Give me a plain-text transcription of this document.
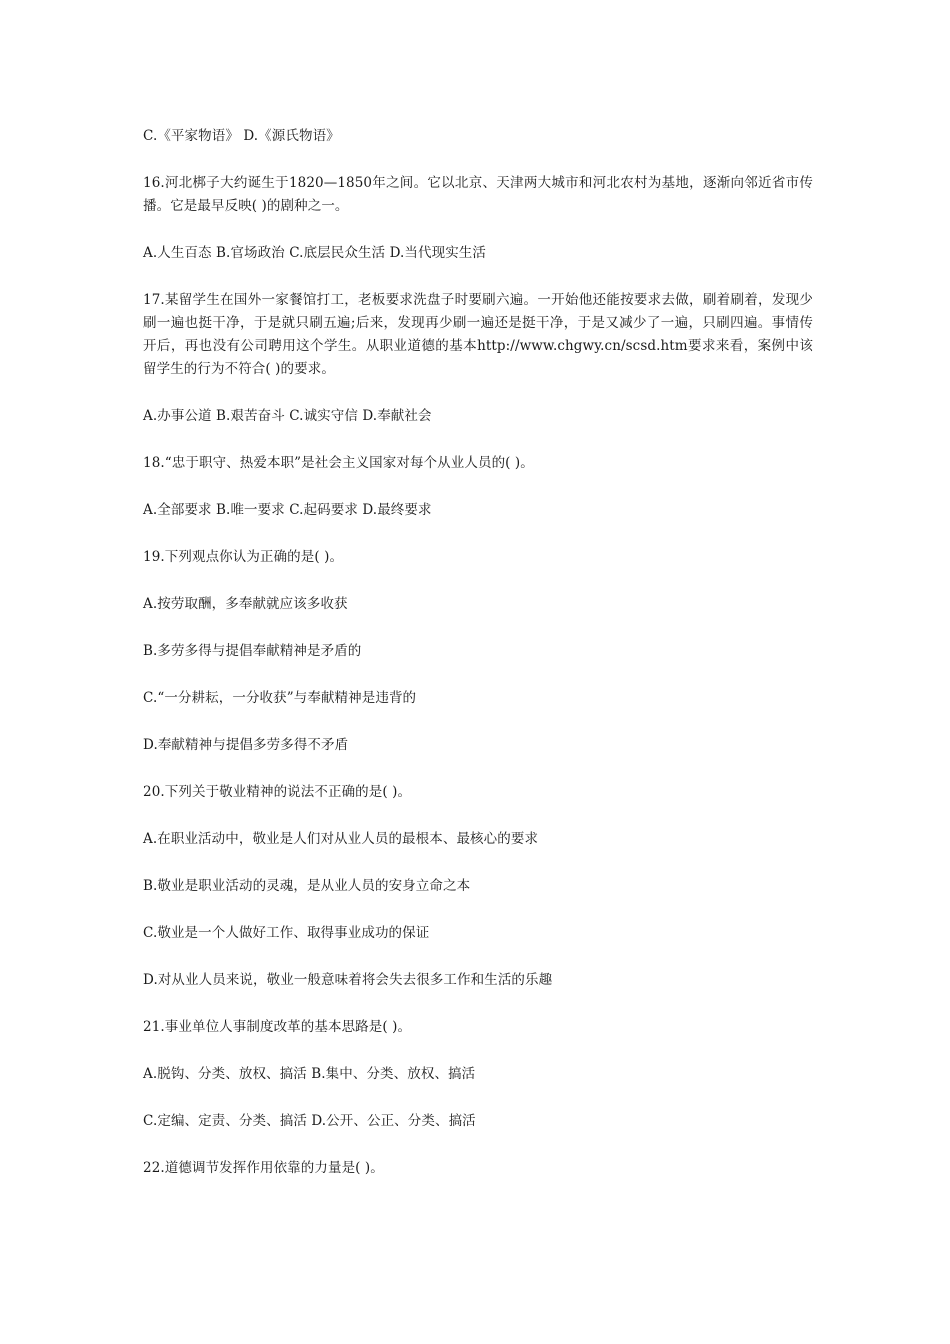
C.《平家物语》 D.《源氏物语》

16.河北梆子大约诞生于1820—1850年之间。它以北京、天津两大城市和河北农村为基地，逐渐向邻近省市传播。它是最早反映( )的剧种之一。

A.人生百态 B.官场政治 C.底层民众生活 D.当代现实生活

17.某留学生在国外一家餐馆打工，老板要求洗盘子时要刷六遍。一开始他还能按要求去做，刷着刷着，发现少刷一遍也挺干净，于是就只刷五遍;后来，发现再少刷一遍还是挺干净，于是又减少了一遍，只刷四遍。事情传开后，再也没有公司聘用这个学生。从职业道德的基本http://www.chgwy.cn/scsd.htm要求来看，案例中该留学生的行为不符合( )的要求。

A.办事公道 B.艰苦奋斗 C.诚实守信 D.奉献社会

18.“忠于职守、热爱本职”是社会主义国家对每个从业人员的( )。

A.全部要求 B.唯一要求 C.起码要求 D.最终要求

19.下列观点你认为正确的是( )。

A.按劳取酬，多奉献就应该多收获

B.多劳多得与提倡奉献精神是矛盾的

C.“一分耕耘，一分收获”与奉献精神是违背的

D.奉献精神与提倡多劳多得不矛盾

20.下列关于敬业精神的说法不正确的是( )。

A.在职业活动中，敬业是人们对从业人员的最根本、最核心的要求

B.敬业是职业活动的灵魂，是从业人员的安身立命之本

C.敬业是一个人做好工作、取得事业成功的保证

D.对从业人员来说，敬业一般意味着将会失去很多工作和生活的乐趣

21.事业单位人事制度改革的基本思路是( )。

A.脱钩、分类、放权、搞活 B.集中、分类、放权、搞活

C.定编、定责、分类、搞活 D.公开、公正、分类、搞活

22.道德调节发挥作用依靠的力量是( )。
